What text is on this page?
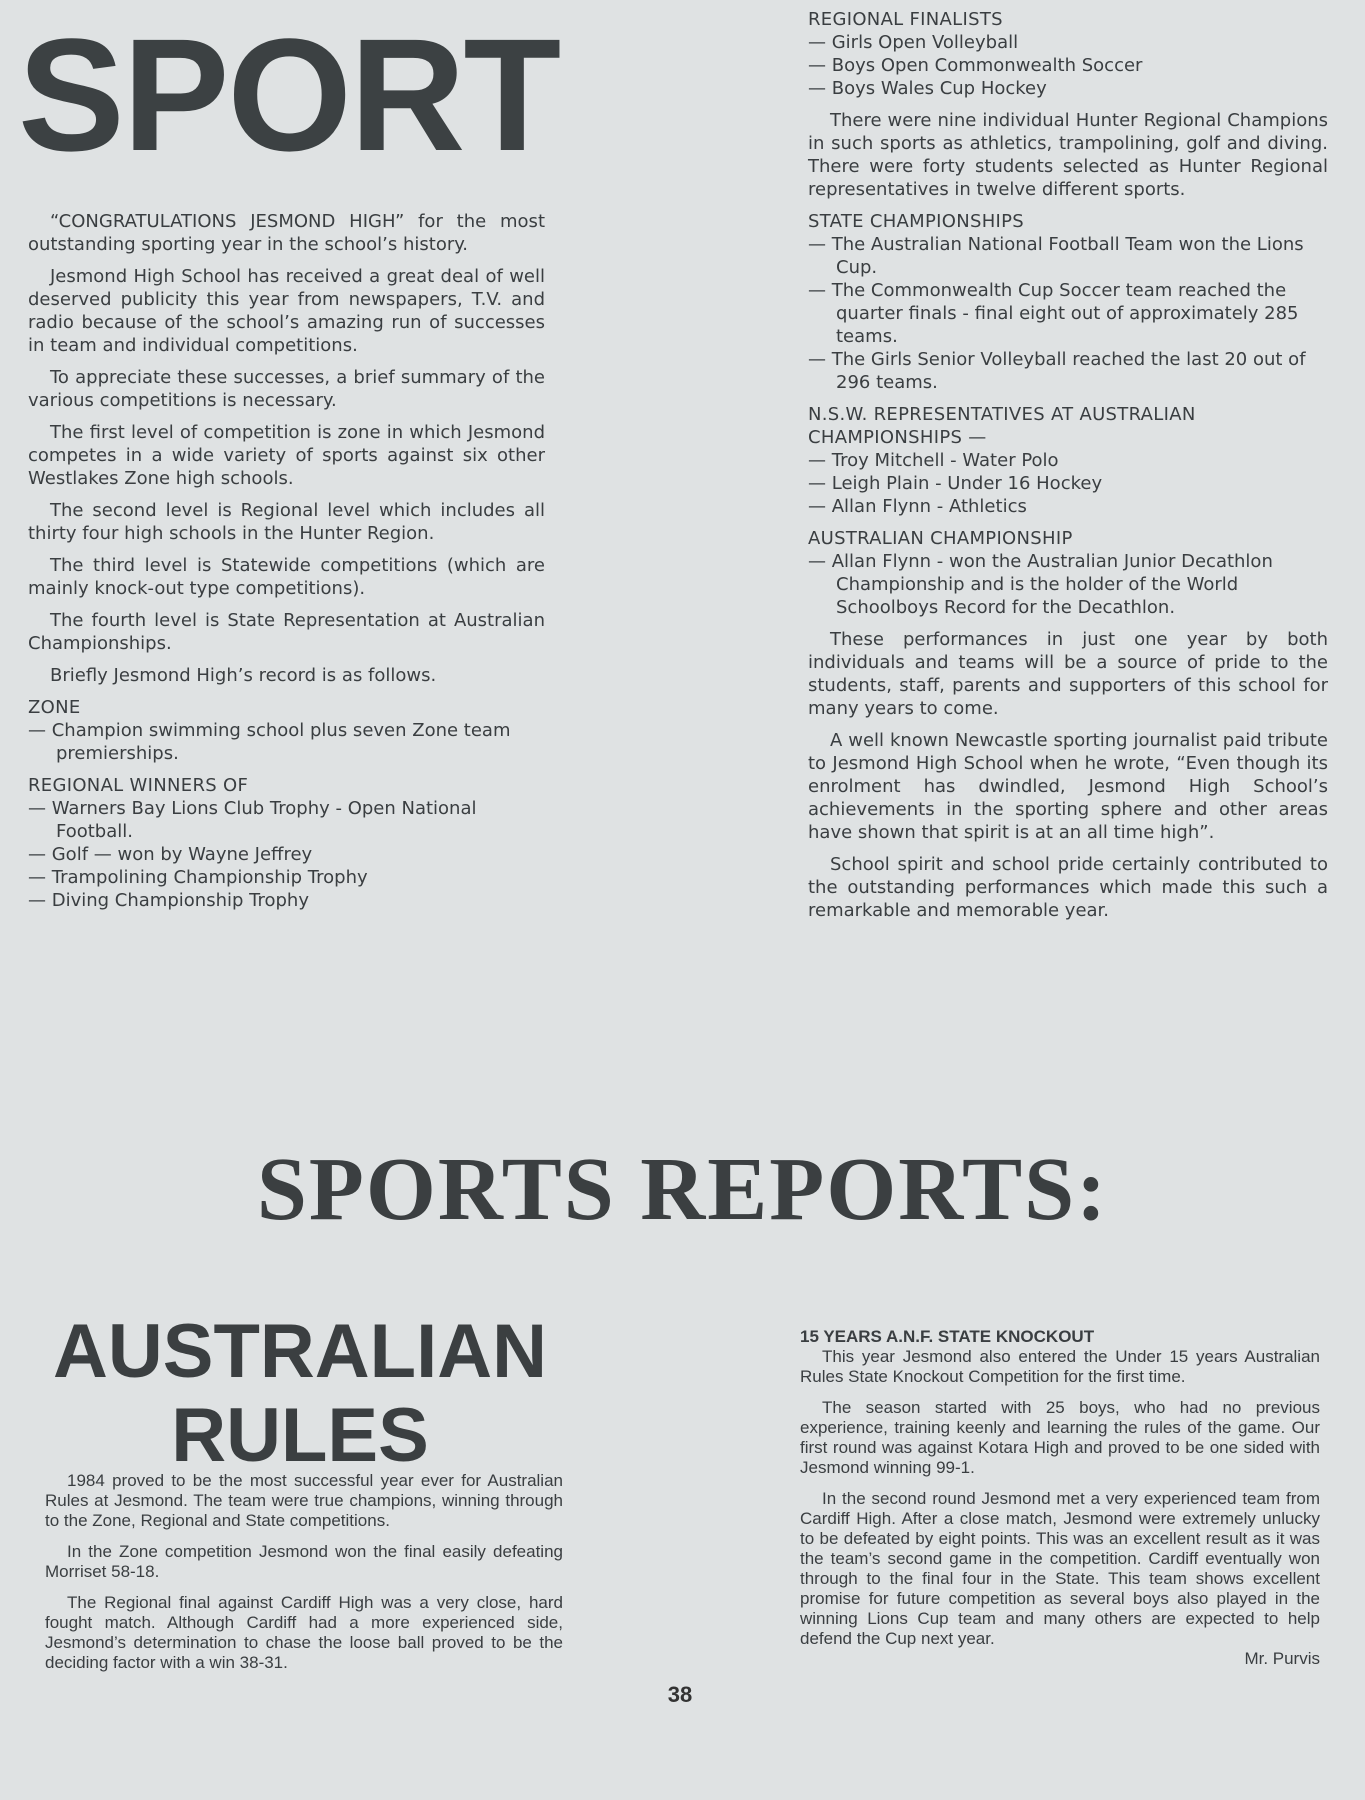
SPORT

“CONGRATULATIONS JESMOND HIGH” for the most outstanding sporting year in the school’s history.

Jesmond High School has received a great deal of well deserved publicity this year from newspapers, T.V. and radio because of the school’s amazing run of successes in team and individual competitions.

To appreciate these successes, a brief summary of the various competitions is necessary.

The first level of competition is zone in which Jesmond competes in a wide variety of sports against six other Westlakes Zone high schools.

The second level is Regional level which includes all thirty four high schools in the Hunter Region.

The third level is Statewide competitions (which are mainly knock-out type competitions).

The fourth level is State Representation at Australian Championships.

Briefly Jesmond High’s record is as follows.

ZONE
— Champion swimming school plus seven Zone team premierships.
REGIONAL WINNERS OF
— Warners Bay Lions Club Trophy - Open National Football.
— Golf — won by Wayne Jeffrey
— Trampolining Championship Trophy
— Diving Championship Trophy
REGIONAL FINALISTS
— Girls Open Volleyball
— Boys Open Commonwealth Soccer
— Boys Wales Cup Hockey

There were nine individual Hunter Regional Champions in such sports as athletics, trampolining, golf and diving. There were forty students selected as Hunter Regional representatives in twelve different sports.

STATE CHAMPIONSHIPS
— The Australian National Football Team won the Lions Cup.
— The Commonwealth Cup Soccer team reached the quarter finals - final eight out of approximately 285 teams.
— The Girls Senior Volleyball reached the last 20 out of 296 teams.
N.S.W. REPRESENTATIVES AT AUSTRALIAN CHAMPIONSHIPS —
— Troy Mitchell - Water Polo
— Leigh Plain - Under 16 Hockey
— Allan Flynn - Athletics
AUSTRALIAN CHAMPIONSHIP
— Allan Flynn - won the Australian Junior Decathlon Championship and is the holder of the World Schoolboys Record for the Decathlon.

These performances in just one year by both individuals and teams will be a source of pride to the students, staff, parents and supporters of this school for many years to come.

A well known Newcastle sporting journalist paid tribute to Jesmond High School when he wrote, “Even though its enrolment has dwindled, Jesmond High School’s achievements in the sporting sphere and other areas have shown that spirit is at an all time high”.

School spirit and school pride certainly contributed to the outstanding performances which made this such a remarkable and memorable year.

SPORTS REPORTS:
AUSTRALIAN
RULES

1984 proved to be the most successful year ever for Australian Rules at Jesmond. The team were true champions, winning through to the Zone, Regional and State competitions.

In the Zone competition Jesmond won the final easily defeating Morriset 58-18.

The Regional final against Cardiff High was a very close, hard fought match. Although Cardiff had a more experienced side, Jesmond’s determination to chase the loose ball proved to be the deciding factor with a win 38-31.

15 YEARS A.N.F. STATE KNOCKOUT

This year Jesmond also entered the Under 15 years Australian Rules State Knockout Competition for the first time.

The season started with 25 boys, who had no previous experience, training keenly and learning the rules of the game. Our first round was against Kotara High and proved to be one sided with Jesmond winning 99-1.

In the second round Jesmond met a very experienced team from Cardiff High. After a close match, Jesmond were extremely unlucky to be defeated by eight points. This was an excellent result as it was the team’s second game in the competition. Cardiff eventually won through to the final four in the State. This team shows excellent promise for future competition as several boys also played in the winning Lions Cup team and many others are expected to help defend the Cup next year.

Mr. Purvis

38
